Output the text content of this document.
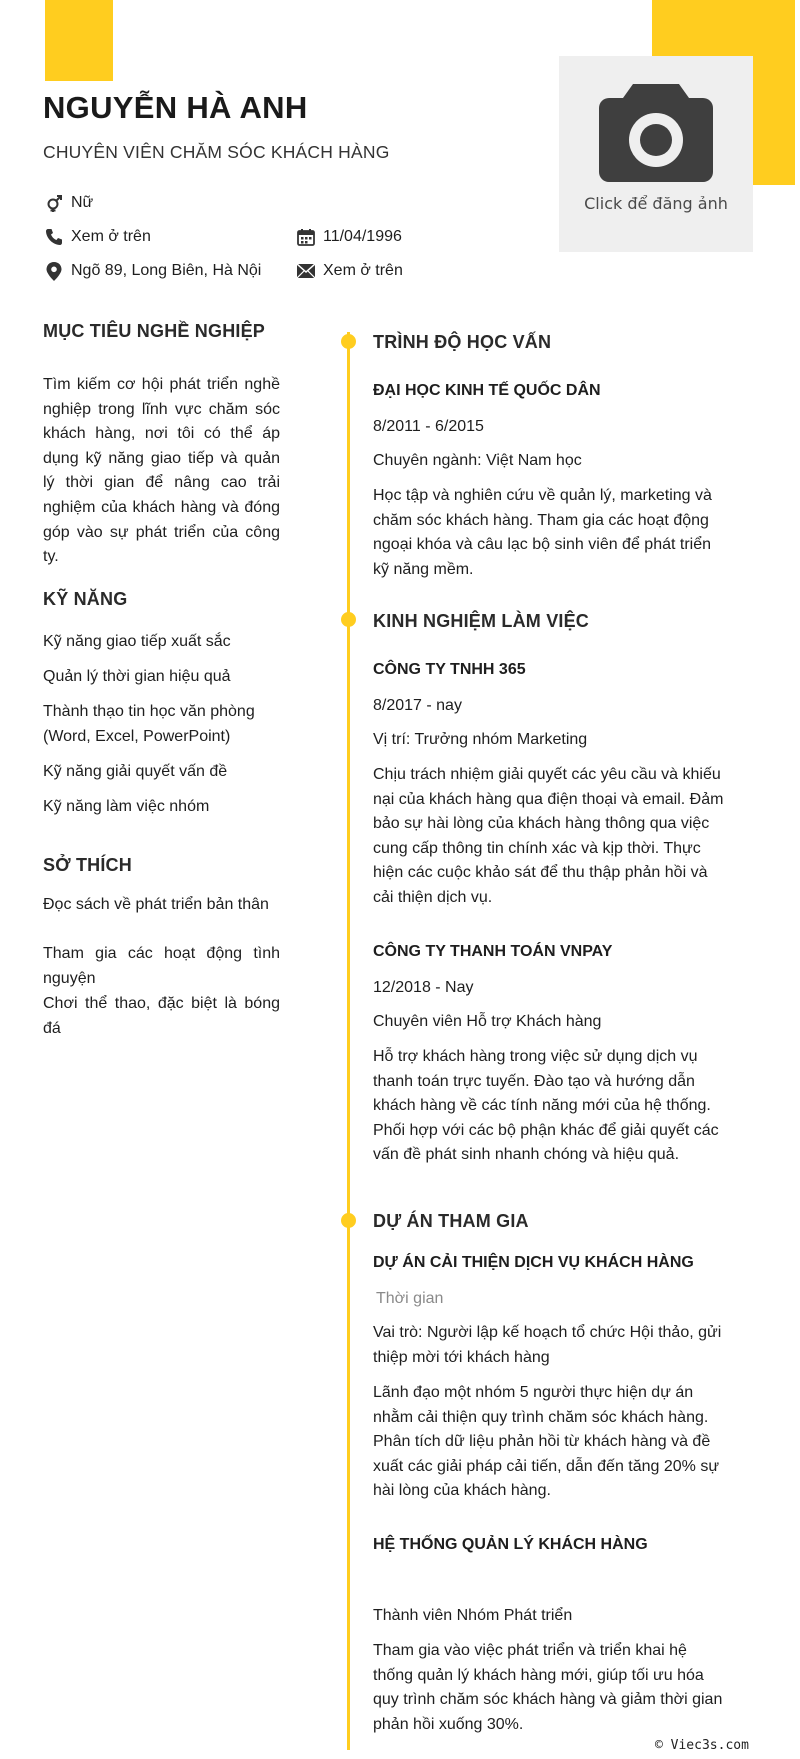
Click để đăng ảnh
NGUYỄN HÀ ANH
CHUYÊN VIÊN CHĂM SÓC KHÁCH HÀNG
Nữ
Xem ở trên	11/04/1996
Ngõ 89, Long Biên, Hà Nội	Xem ở trên
MỤC TIÊU NGHỀ NGHIỆP
Tìm kiếm cơ hội phát triển nghề nghiệp trong lĩnh vực chăm sóc khách hàng, nơi tôi có thể áp dụng kỹ năng giao tiếp và quản lý thời gian để nâng cao trải nghiệm của khách hàng và đóng góp vào sự phát triển của công ty.
KỸ NĂNG
Kỹ năng giao tiếp xuất sắc
Quản lý thời gian hiệu quả
Thành thạo tin học văn phòng (Word, Excel, PowerPoint)
Kỹ năng giải quyết vấn đề
Kỹ năng làm việc nhóm
SỞ THÍCH
Đọc sách về phát triển bản thân
Tham gia các hoạt động tình nguyện
Chơi thể thao, đặc biệt là bóng đá
TRÌNH ĐỘ HỌC VẤN
ĐẠI HỌC KINH TẾ QUỐC DÂN
8/2011 - 6/2015
Chuyên ngành: Việt Nam học
Học tập và nghiên cứu về quản lý, marketing và chăm sóc khách hàng. Tham gia các hoạt động ngoại khóa và câu lạc bộ sinh viên để phát triển kỹ năng mềm.
KINH NGHIỆM LÀM VIỆC
CÔNG TY TNHH 365
8/2017 - nay
Vị trí: Trưởng nhóm Marketing
Chịu trách nhiệm giải quyết các yêu cầu và khiếu nại của khách hàng qua điện thoại và email. Đảm bảo sự hài lòng của khách hàng thông qua việc cung cấp thông tin chính xác và kịp thời. Thực hiện các cuộc khảo sát để thu thập phản hồi và cải thiện dịch vụ.
CÔNG TY THANH TOÁN VNPAY
12/2018 - Nay
Chuyên viên Hỗ trợ Khách hàng
Hỗ trợ khách hàng trong việc sử dụng dịch vụ thanh toán trực tuyến. Đào tạo và hướng dẫn khách hàng về các tính năng mới của hệ thống. Phối hợp với các bộ phận khác để giải quyết các vấn đề phát sinh nhanh chóng và hiệu quả.
DỰ ÁN THAM GIA
DỰ ÁN CẢI THIỆN DỊCH VỤ KHÁCH HÀNG
Thời gian
Vai trò: Người lập kế hoạch tổ chức Hội thảo, gửi thiệp mời tới khách hàng
Lãnh đạo một nhóm 5 người thực hiện dự án nhằm cải thiện quy trình chăm sóc khách hàng. Phân tích dữ liệu phản hồi từ khách hàng và đề xuất các giải pháp cải tiến, dẫn đến tăng 20% sự hài lòng của khách hàng.
HỆ THỐNG QUẢN LÝ KHÁCH HÀNG
Thành viên Nhóm Phát triển
Tham gia vào việc phát triển và triển khai hệ thống quản lý khách hàng mới, giúp tối ưu hóa quy trình chăm sóc khách hàng và giảm thời gian phản hồi xuống 30%.
© Viec3s.com
